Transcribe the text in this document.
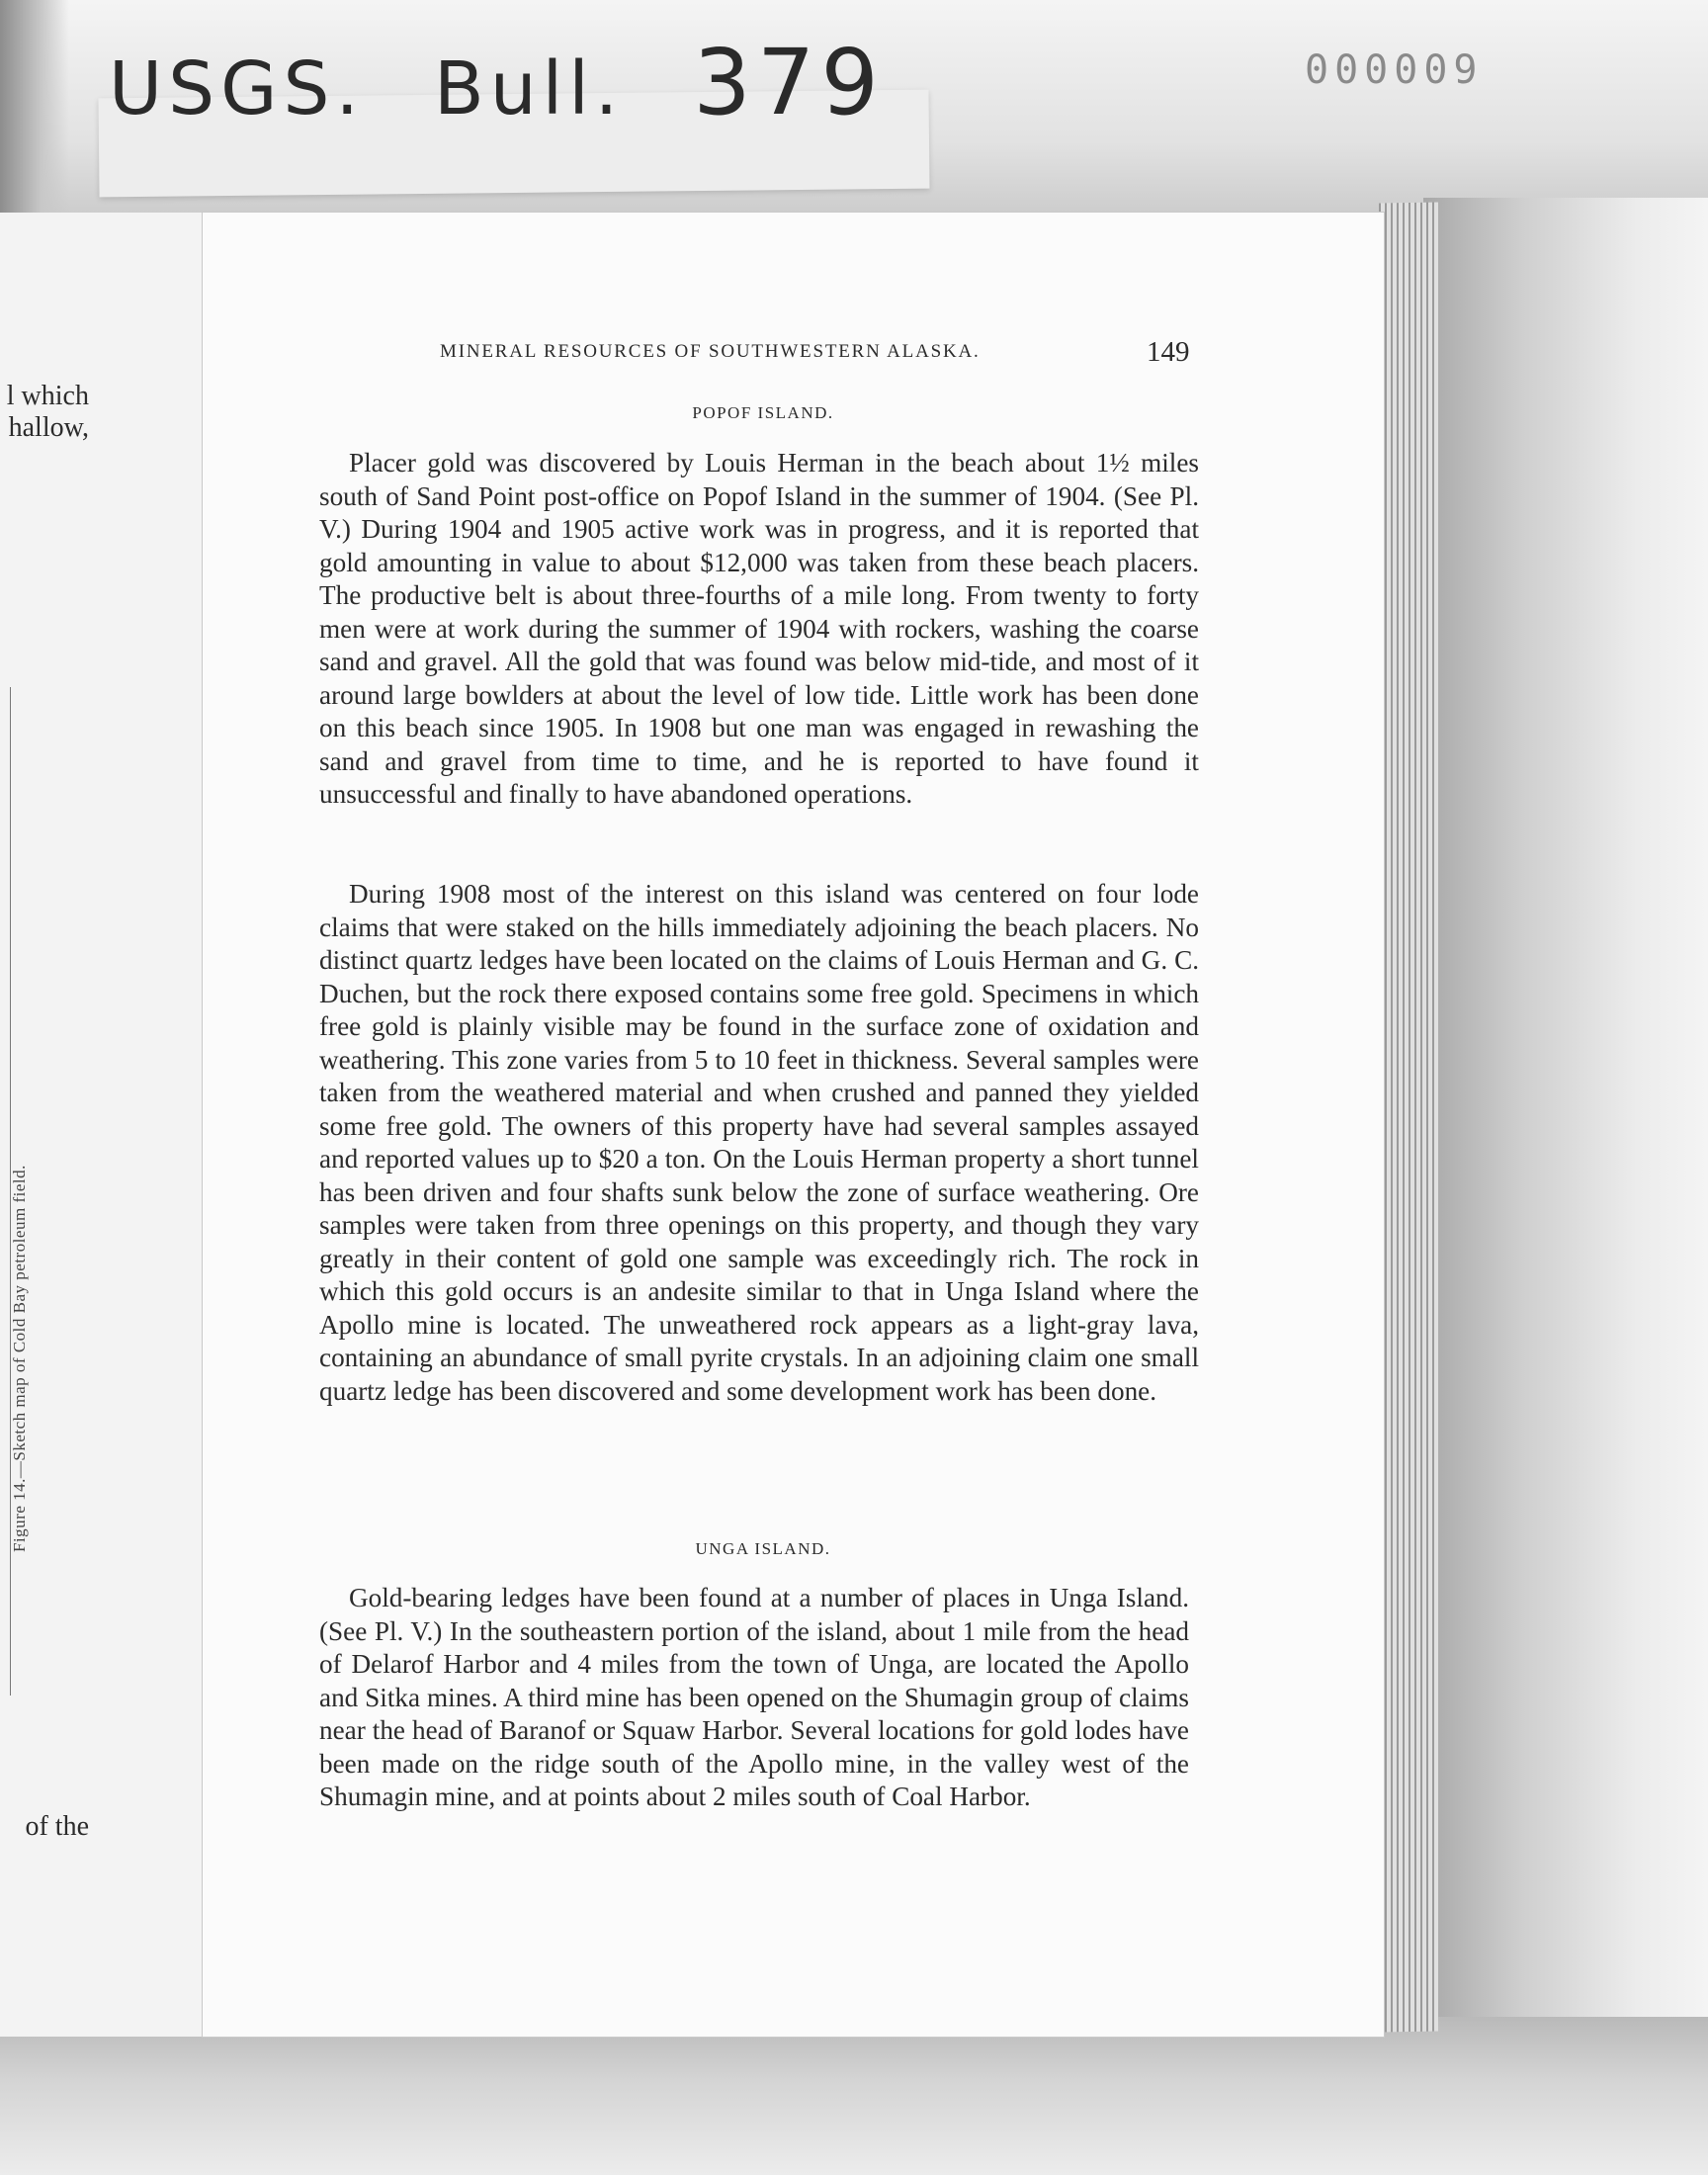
USGS. Bull. 379	000009
l which
hallow,
Figure 14.—Sketch map of Cold Bay petroleum field.
of the
MINERAL RESOURCES OF SOUTHWESTERN ALASKA.	149
POPOF ISLAND.

Placer gold was discovered by Louis Herman in the beach about 1½ miles south of Sand Point post-office on Popof Island in the summer of 1904. (See Pl. V.) During 1904 and 1905 active work was in progress, and it is reported that gold amounting in value to about $12,000 was taken from these beach placers. The productive belt is about three-fourths of a mile long. From twenty to forty men were at work during the summer of 1904 with rockers, washing the coarse sand and gravel. All the gold that was found was below mid-tide, and most of it around large bowlders at about the level of low tide. Little work has been done on this beach since 1905. In 1908 but one man was engaged in rewashing the sand and gravel from time to time, and he is reported to have found it unsuccessful and finally to have abandoned operations.

During 1908 most of the interest on this island was centered on four lode claims that were staked on the hills immediately adjoining the beach placers. No distinct quartz ledges have been located on the claims of Louis Herman and G. C. Duchen, but the rock there exposed contains some free gold. Specimens in which free gold is plainly visible may be found in the surface zone of oxidation and weathering. This zone varies from 5 to 10 feet in thickness. Several samples were taken from the weathered material and when crushed and panned they yielded some free gold. The owners of this property have had several samples assayed and reported values up to $20 a ton. On the Louis Herman property a short tunnel has been driven and four shafts sunk below the zone of surface weathering. Ore samples were taken from three openings on this property, and though they vary greatly in their content of gold one sample was exceedingly rich. The rock in which this gold occurs is an andesite similar to that in Unga Island where the Apollo mine is located. The unweathered rock appears as a light-gray lava, containing an abundance of small pyrite crystals. In an adjoining claim one small quartz ledge has been discovered and some development work has been done.

UNGA ISLAND.

Gold-bearing ledges have been found at a number of places in Unga Island. (See Pl. V.) In the southeastern portion of the island, about 1 mile from the head of Delarof Harbor and 4 miles from the town of Unga, are located the Apollo and Sitka mines. A third mine has been opened on the Shumagin group of claims near the head of Baranof or Squaw Harbor. Several locations for gold lodes have been made on the ridge south of the Apollo mine, in the valley west of the Shumagin mine, and at points about 2 miles south of Coal Harbor.
